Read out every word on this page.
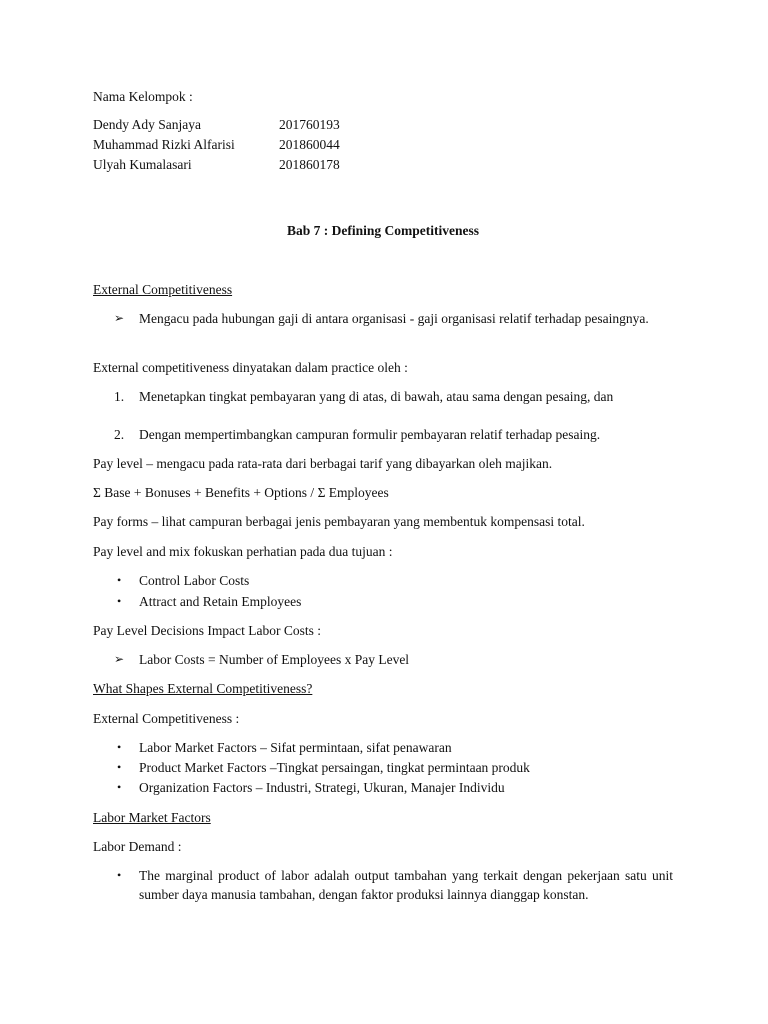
Nama Kelompok :

Dendy Ady Sanjaya	201760193
Muhammad Rizki Alfarisi	201860044
Ulyah Kumalasari	201860178
Bab 7 : Defining Competitiveness

External Competitiveness

➢ Mengacu pada hubungan gaji di antara organisasi - gaji organisasi relatif terhadap pesaingnya.

External competitiveness dinyatakan dalam practice oleh :

1. Menetapkan tingkat pembayaran yang di atas, di bawah, atau sama dengan pesaing, dan
2. Dengan mempertimbangkan campuran formulir pembayaran relatif terhadap pesaing.

Pay level – mengacu pada rata-rata dari berbagai tarif yang dibayarkan oleh majikan.

Σ Base + Bonuses + Benefits + Options / Σ Employees

Pay forms – lihat campuran berbagai jenis pembayaran yang membentuk kompensasi total.

Pay level and mix fokuskan perhatian pada dua tujuan :

• Control Labor Costs
• Attract and Retain Employees

Pay Level Decisions Impact Labor Costs :

➢ Labor Costs = Number of Employees x Pay Level

What Shapes External Competitiveness?

External Competitiveness :

• Labor Market Factors – Sifat permintaan, sifat penawaran
• Product Market Factors –Tingkat persaingan, tingkat permintaan produk
• Organization Factors – Industri, Strategi, Ukuran, Manajer Individu

Labor Market Factors

Labor Demand :

• The marginal product of labor adalah output tambahan yang terkait dengan pekerjaan satu unit sumber daya manusia tambahan, dengan faktor produksi lainnya dianggap konstan.
